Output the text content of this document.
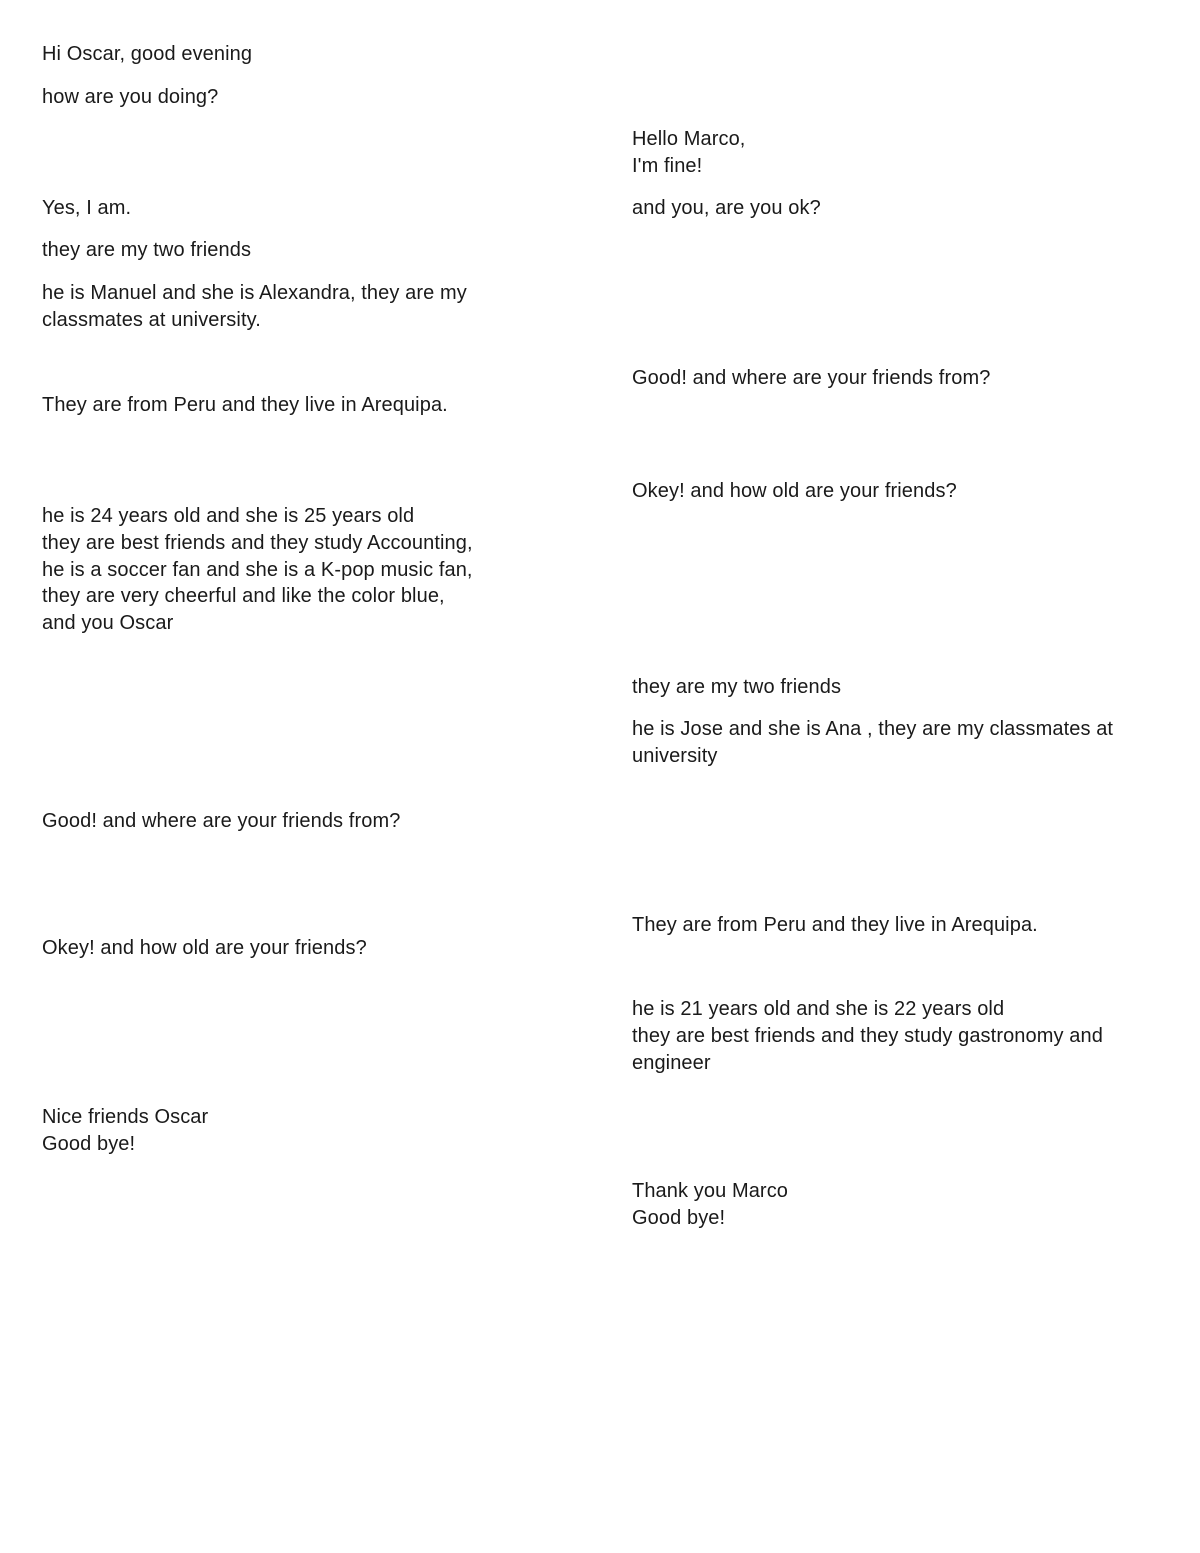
Hi Oscar, good evening
how are you doing?
Yes, I am.
they are my two friends
he is Manuel and she is Alexandra, they are my
classmates at university.
They are from Peru and they live in Arequipa.
he is 24 years old and she is 25 years old
they are best friends and they study Accounting,
he is a soccer fan and she is a K-pop music fan,
they are very cheerful and like the color blue,
and you Oscar
Good! and where are your friends from?
Okey! and how old are your friends?
Nice friends Oscar
Good bye!
Hello Marco,
I'm fine!
and you, are you ok?
Good! and where are your friends from?
Okey! and how old are your friends?
they are my two friends
he is Jose and she is Ana , they are my classmates at
university
They are from Peru and they live in Arequipa.
he is 21 years old and she is 22 years old
they are best friends and they study gastronomy and
engineer
Thank you Marco
Good bye!
